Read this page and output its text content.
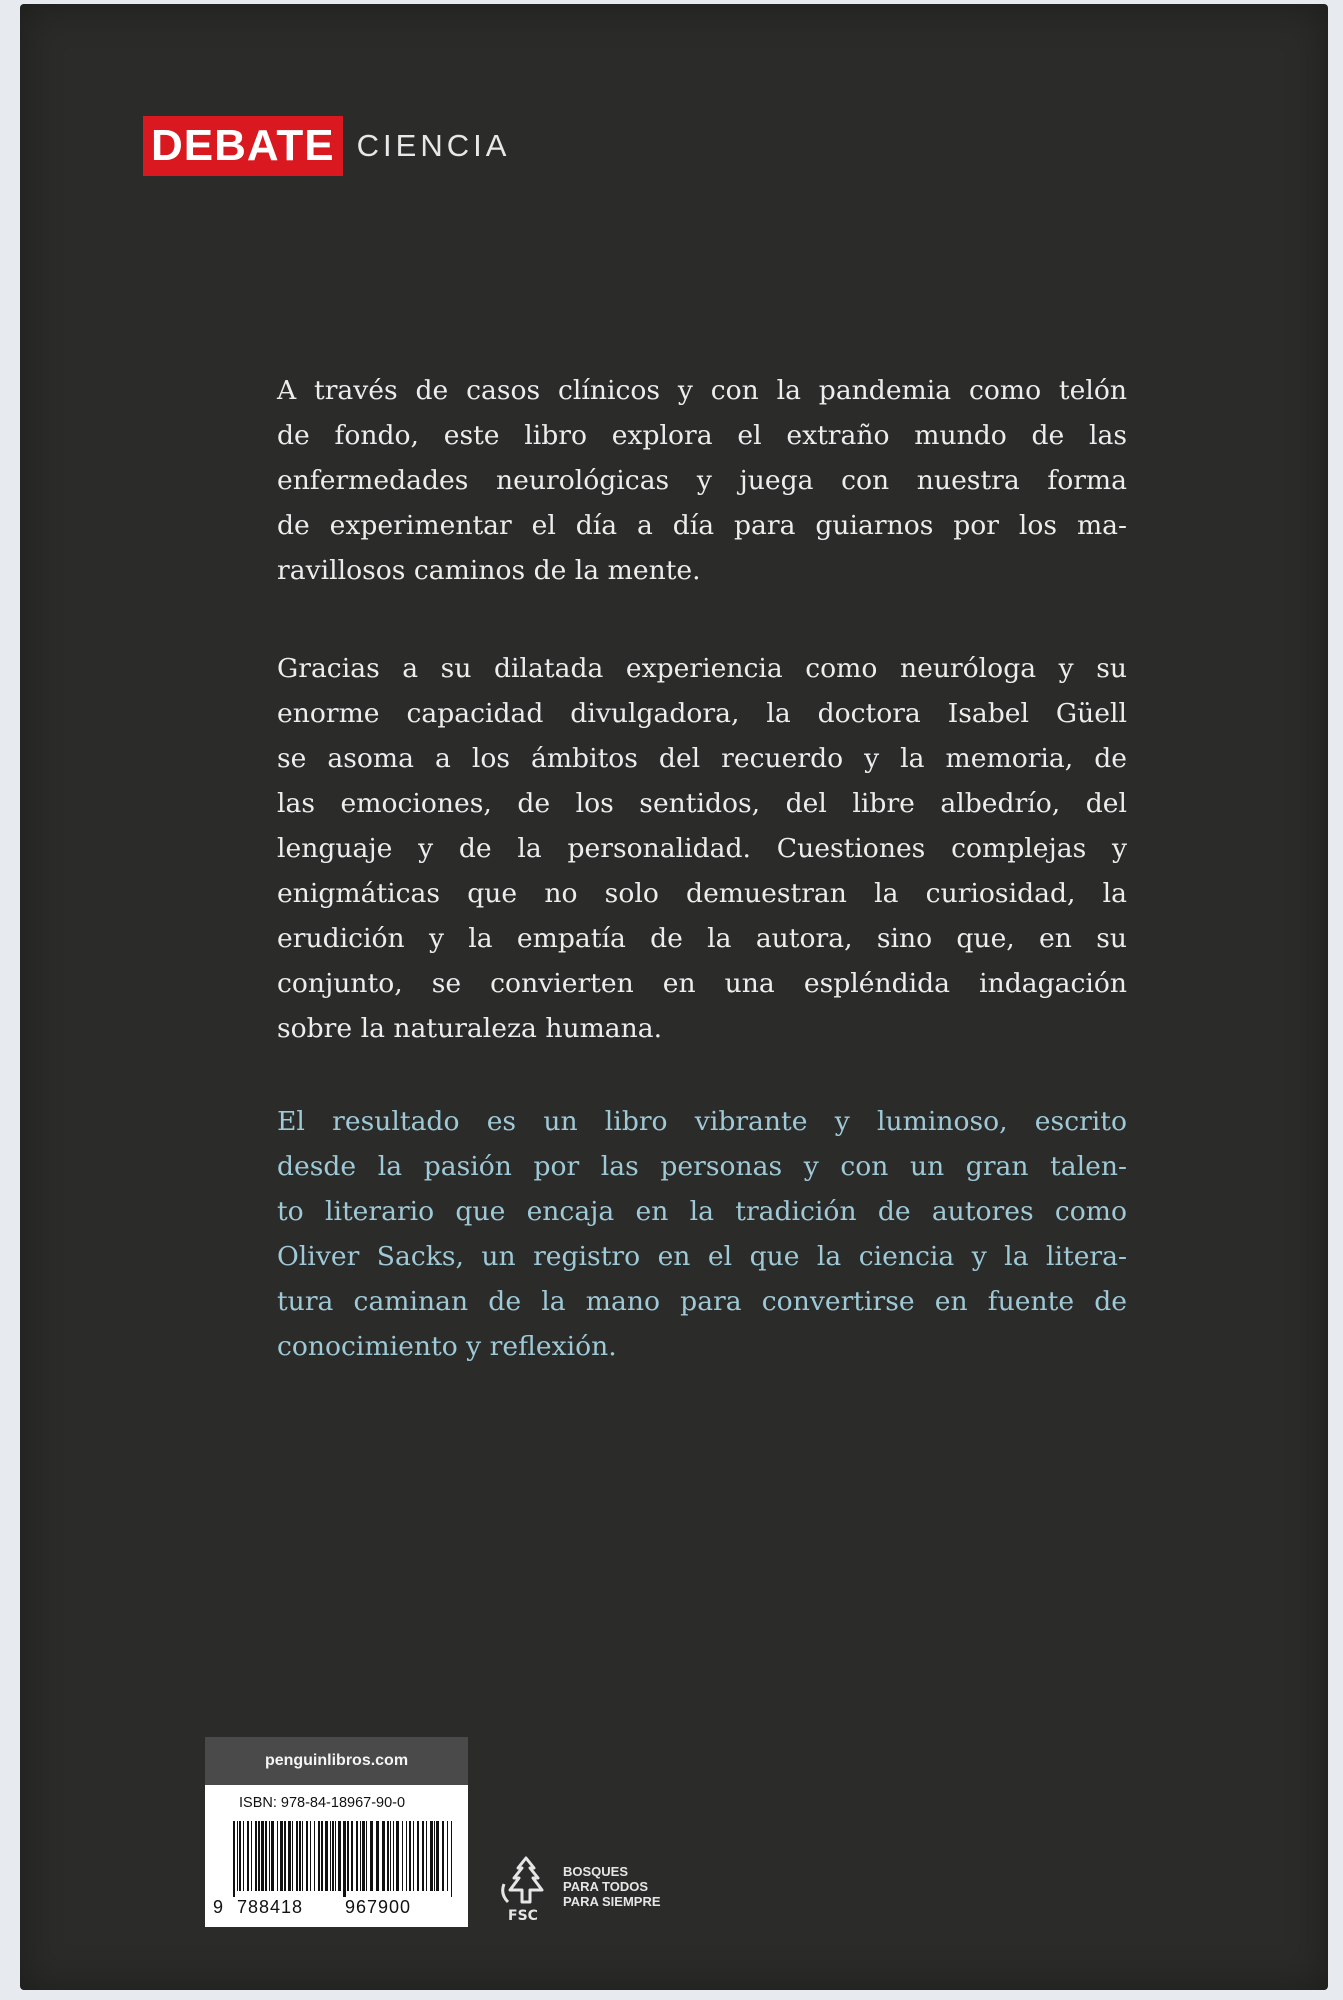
DEBATE CIENCIA
A través de casos clínicos y con la pandemia como telón
de fondo, este libro explora el extraño mundo de las
enfermedades neurológicas y juega con nuestra forma
de experimentar el día a día para guiarnos por los ma-
ravillosos caminos de la mente.
Gracias a su dilatada experiencia como neuróloga y su
enorme capacidad divulgadora, la doctora Isabel Güell
se asoma a los ámbitos del recuerdo y la memoria, de
las emociones, de los sentidos, del libre albedrío, del
lenguaje y de la personalidad. Cuestiones complejas y
enigmáticas que no solo demuestran la curiosidad, la
erudición y la empatía de la autora, sino que, en su
conjunto, se convierten en una espléndida indagación
sobre la naturaleza humana.
El resultado es un libro vibrante y luminoso, escrito
desde la pasión por las personas y con un gran talen-
to literario que encaja en la tradición de autores como
Oliver Sacks, un registro en el que la ciencia y la litera-
tura caminan de la mano para convertirse en fuente de
conocimiento y reflexión.
penguinlibros.com
ISBN: 978-84-18967-90-0
9 788418	967900	FSC
BOSQUES
PARA TODOS
PARA SIEMPRE
